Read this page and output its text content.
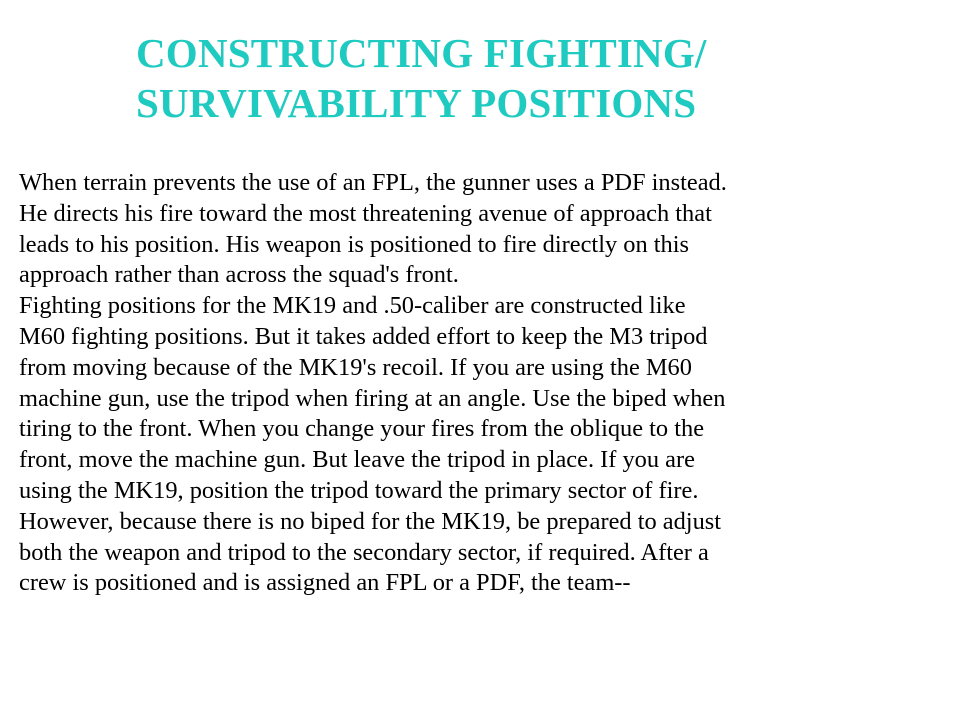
CONSTRUCTING FIGHTING/
SURVIVABILITY POSITIONS
When terrain prevents the use of an FPL, the gunner uses a PDF instead.
He directs his fire toward the most threatening avenue of approach that
leads to his position. His weapon is positioned to fire directly on this
approach rather than across the squad's front.
Fighting positions for the MK19 and .50-caliber are constructed like
M60 fighting positions. But it takes added effort to keep the M3 tripod
from moving because of the MK19's recoil. If you are using the M60
machine gun, use the tripod when firing at an angle. Use the biped when
tiring to the front. When you change your fires from the oblique to the
front, move the machine gun. But leave the tripod in place. If you are
using the MK19, position the tripod toward the primary sector of fire.
However, because there is no biped for the MK19, be prepared to adjust
both the weapon and tripod to the secondary sector, if required. After a
crew is positioned and is assigned an FPL or a PDF, the team--
